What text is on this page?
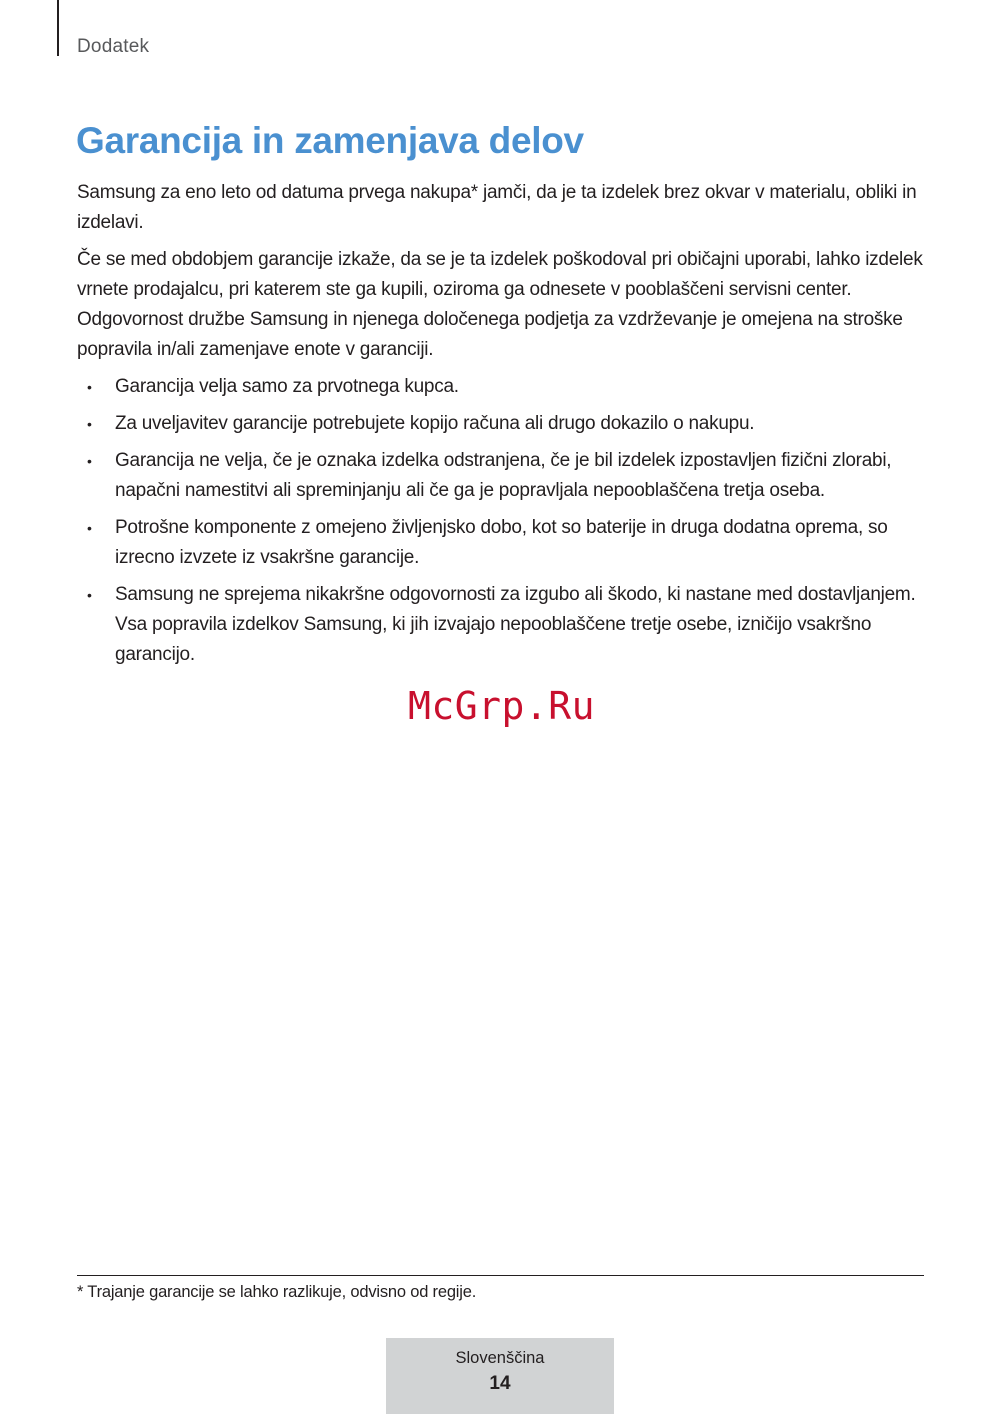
Dodatek
Garancija in zamenjava delov

Samsung za eno leto od datuma prvega nakupa* jamči, da je ta izdelek brez okvar v materialu, obliki in izdelavi.

Če se med obdobjem garancije izkaže, da se je ta izdelek poškodoval pri običajni uporabi, lahko izdelek vrnete prodajalcu, pri katerem ste ga kupili, oziroma ga odnesete v pooblaščeni servisni center. Odgovornost družbe Samsung in njenega določenega podjetja za vzdrževanje je omejena na stroške popravila in/ali zamenjave enote v garanciji.

• Garancija velja samo za prvotnega kupca.
• Za uveljavitev garancije potrebujete kopijo računa ali drugo dokazilo o nakupu.
• Garancija ne velja, če je oznaka izdelka odstranjena, če je bil izdelek izpostavljen fizični zlorabi, napačni namestitvi ali spreminjanju ali če ga je popravljala nepooblaščena tretja oseba.
• Potrošne komponente z omejeno življenjsko dobo, kot so baterije in druga dodatna oprema, so izrecno izvzete iz vsakršne garancije.
• Samsung ne sprejema nikakršne odgovornosti za izgubo ali škodo, ki nastane med dostavljanjem. Vsa popravila izdelkov Samsung, ki jih izvajajo nepooblaščene tretje osebe, izničijo vsakršno garancijo.
McGrp.Ru
* Trajanje garancije se lahko razlikuje, odvisno od regije.
Slovenščina
14
